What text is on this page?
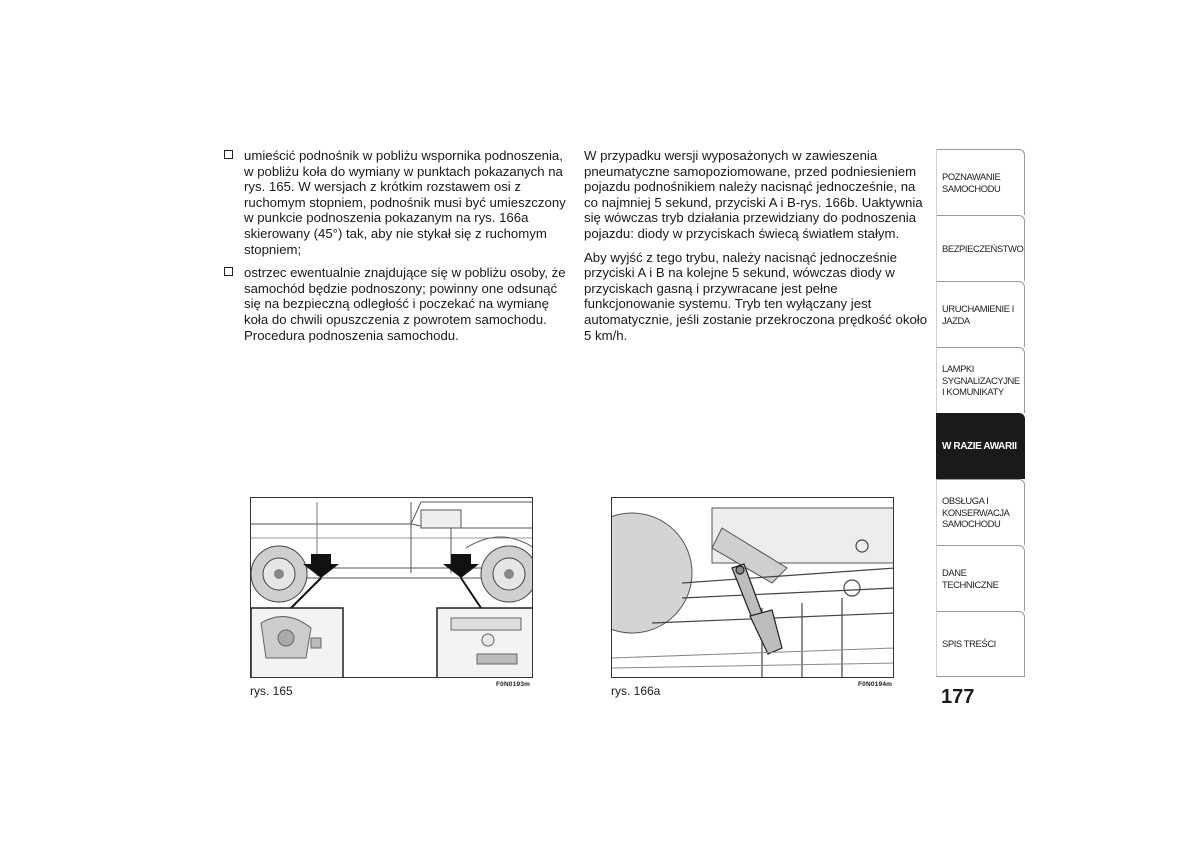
umieścić podnośnik w pobliżu wspornika podnoszenia, w pobliżu koła do wymiany w punktach pokazanych na rys. 165. W wersjach z krótkim rozstawem osi z ruchomym stopniem, podnośnik musi być umieszczony w punkcie podnoszenia pokazanym na rys. 166a skierowany (45°) tak, aby nie stykał się z ruchomym stopniem;
ostrzec ewentualnie znajdujące się w pobliżu osoby, że samochód będzie podnoszony; powinny one odsunąć się na bezpieczną odległość i poczekać na wymianę koła do chwili opuszczenia z powrotem samochodu. Procedura podnoszenia samochodu.

W przypadku wersji wyposażonych w zawieszenia pneumatyczne samopoziomowane, przed podniesieniem pojazdu podnośnikiem należy nacisnąć jednocześnie, na co najmniej 5 sekund, przyciski A i B-rys. 166b. Uaktywnia się wówczas tryb działania przewidziany do podnoszenia pojazdu: diody w przyciskach świecą światłem stałym.

Aby wyjść z tego trybu, należy nacisnąć jednocześnie przyciski A i B na kolejne 5 sekund, wówczas diody w przyciskach gasną i przywracane jest pełne funkcjonowanie systemu. Tryb ten wyłączany jest automatycznie, jeśli zostanie przekroczona prędkość około 5 km/h.

POZNAWANIE SAMOCHODU
BEZPIECZEŃSTWO
URUCHAMIENIE I JAZDA
LAMPKI SYGNALIZACYJNE I KOMUNIKATY
W RAZIE AWARII
OBSŁUGA I KONSERWACJA SAMOCHODU
DANE TECHNICZNE
SPIS TREŚCI
177
rys. 165	F0N0193m	rys. 166a	F0N0194m
